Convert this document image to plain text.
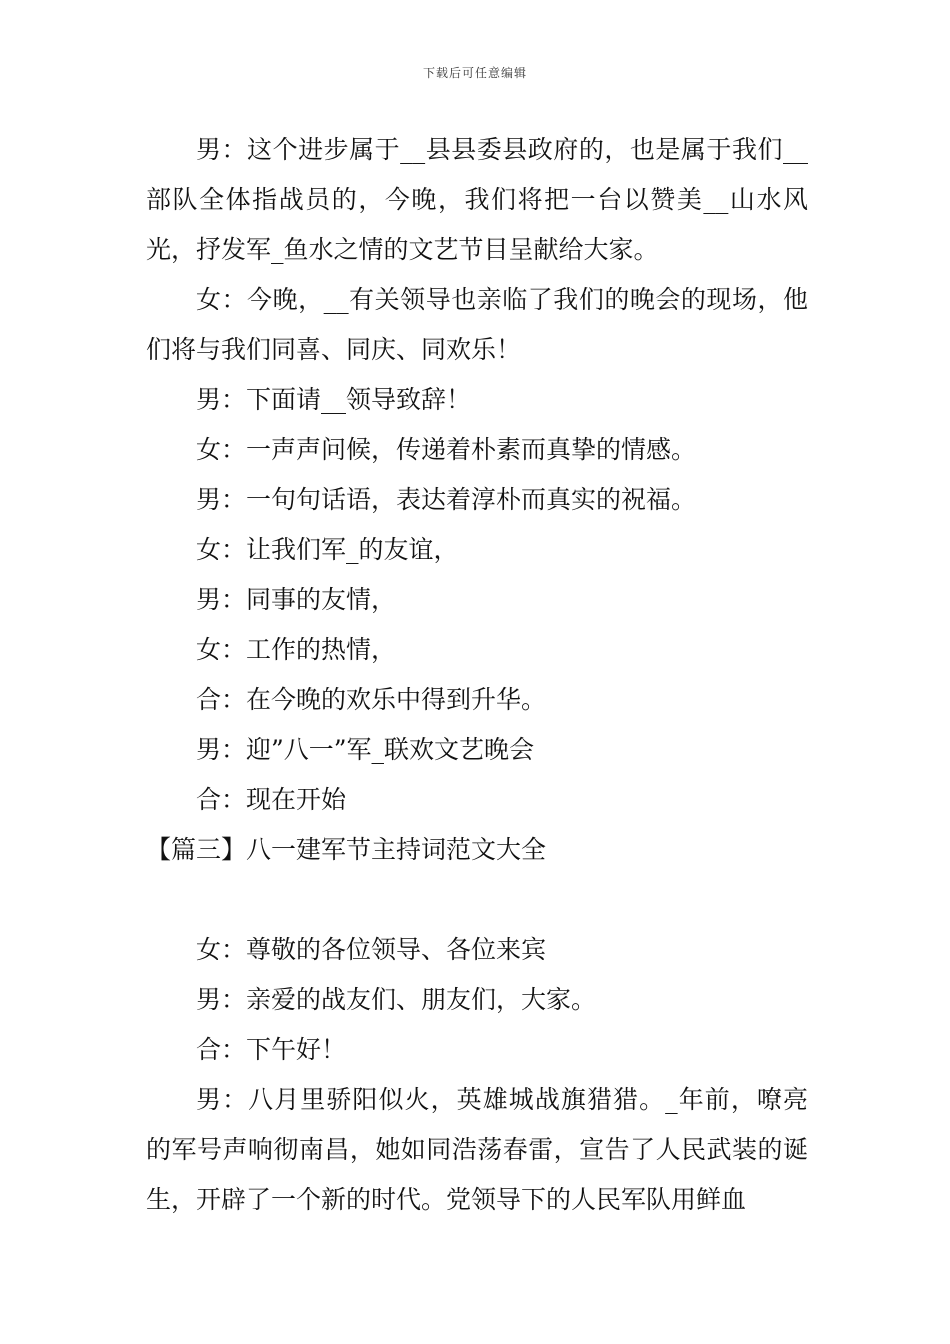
下载后可任意编辑

男：这个进步属于__县县委县政府的，也是属于我们__部队全体指战员的，今晚，我们将把一台以赞美__山水风光，抒发军_鱼水之情的文艺节目呈献给大家。

女：今晚，__有关领导也亲临了我们的晚会的现场，他们将与我们同喜、同庆、同欢乐！

男：下面请__领导致辞！

女：一声声问候，传递着朴素而真挚的情感。

男：一句句话语，表达着淳朴而真实的祝福。

女：让我们军_的友谊，

男：同事的友情，

女：工作的热情，

合：在今晚的欢乐中得到升华。

男：迎”八一”军_联欢文艺晚会

合：现在开始

【篇三】八一建军节主持词范文大全

女：尊敬的各位领导、各位来宾

男：亲爱的战友们、朋友们，大家。

合：下午好！

男：八月里骄阳似火，英雄城战旗猎猎。_年前，嘹亮的军号声响彻南昌，她如同浩荡春雷，宣告了人民武装的诞生，开辟了一个新的时代。党领导下的人民军队用鲜血
